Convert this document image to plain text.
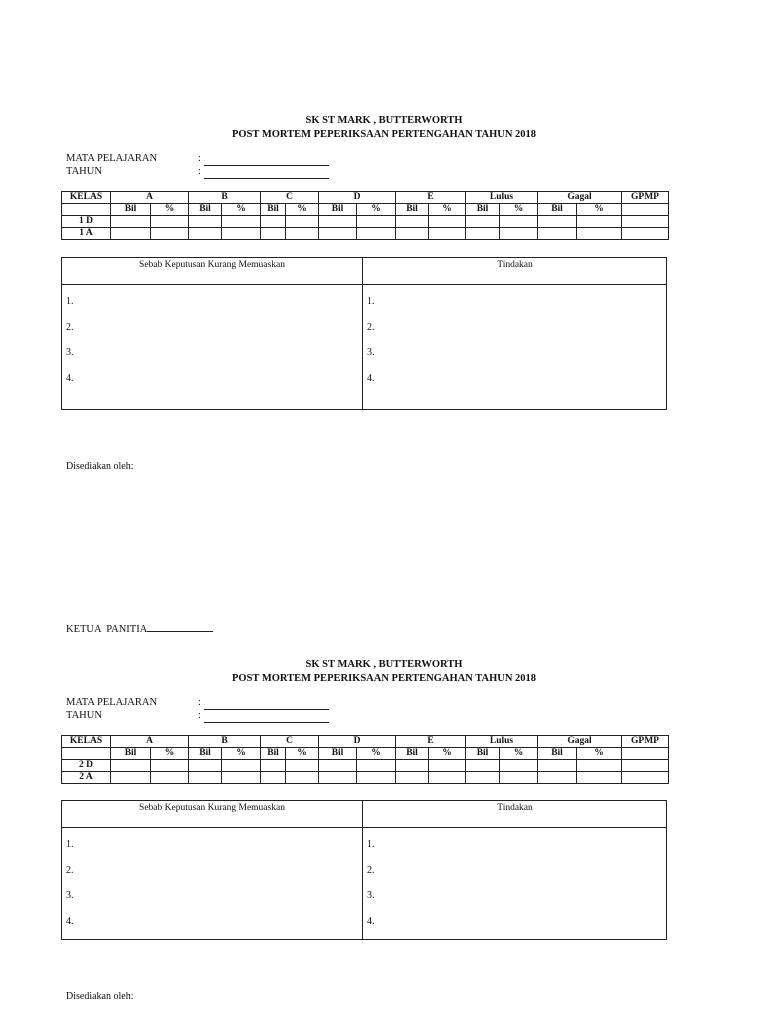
SK ST MARK , BUTTERWORTH
POST MORTEM PEPERIKSAAN PERTENGAHAN TAHUN 2018
MATA PELAJARAN	:
TAHUN	:
KELAS	A		B		C		D		E		Lulus		Gagal		GPMP
	Bil	%	Bil	%	Bil	%	Bil	%	Bil	%	Bil	%	Bil	%	
1 D															
1 A															
Sebab Keputusan Kurang Memuaskan	Tindakan
1.
2.
3.
4.
1.
2.
3.
4.
Disediakan oleh:
KETUA  PANITIA
SK ST MARK , BUTTERWORTH
POST MORTEM PEPERIKSAAN PERTENGAHAN TAHUN 2018
MATA PELAJARAN	:
TAHUN	:
KELAS	A		B		C		D		E		Lulus		Gagal		GPMP
	Bil	%	Bil	%	Bil	%	Bil	%	Bil	%	Bil	%	Bil	%	
2 D															
2 A															
Sebab Keputusan Kurang Memuaskan	Tindakan
1.
2.
3.
4.
1.
2.
3.
4.
Disediakan oleh:
